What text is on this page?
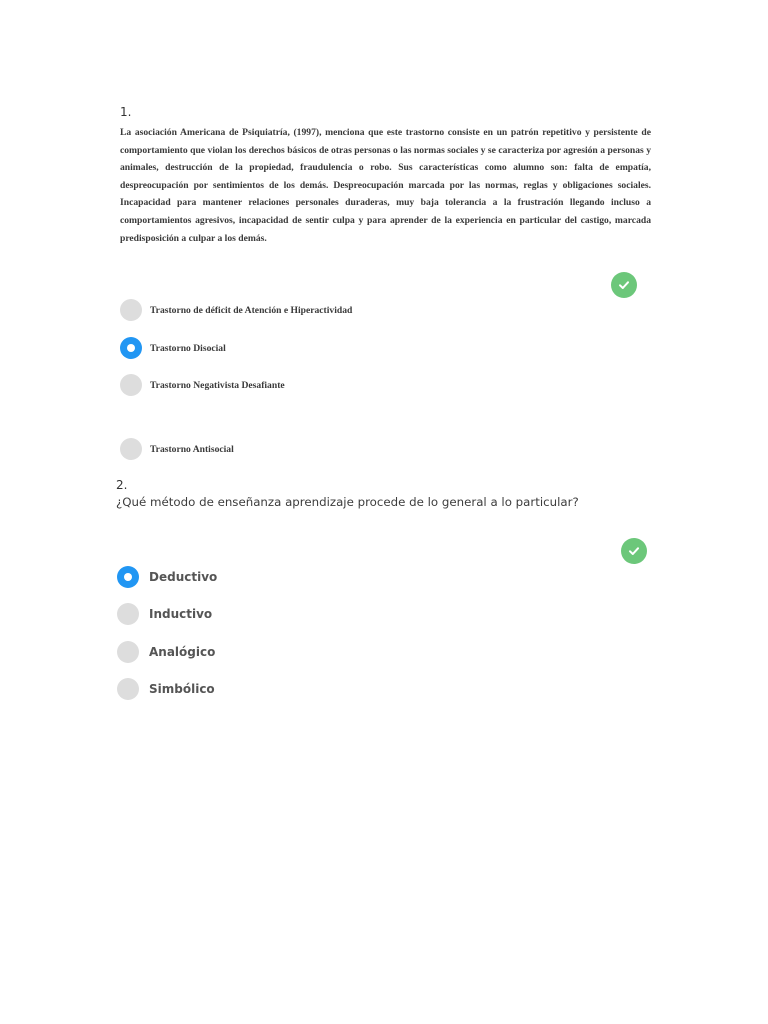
1.
La asociación Americana de Psiquiatría, (1997), menciona que este trastorno consiste en un patrón repetitivo y persistente de comportamiento que violan los derechos básicos de otras personas o las normas sociales y se caracteriza por agresión a personas y animales, destrucción de la propiedad, fraudulencia o robo. Sus características como alumno son: falta de empatía, despreocupación por sentimientos de los demás. Despreocupación marcada por las normas, reglas y obligaciones sociales. Incapacidad para mantener relaciones personales duraderas, muy baja tolerancia a la frustración llegando incluso a comportamientos agresivos, incapacidad de sentir culpa y para aprender de la experiencia en particular del castigo, marcada predisposición a culpar a los demás.
Trastorno de déficit de Atención e Hiperactividad
Trastorno Disocial
Trastorno Negativista Desafiante
Trastorno Antisocial
2.
¿Qué método de enseñanza aprendizaje procede de lo general a lo particular?
Deductivo
Inductivo
Analógico
Simbólico
